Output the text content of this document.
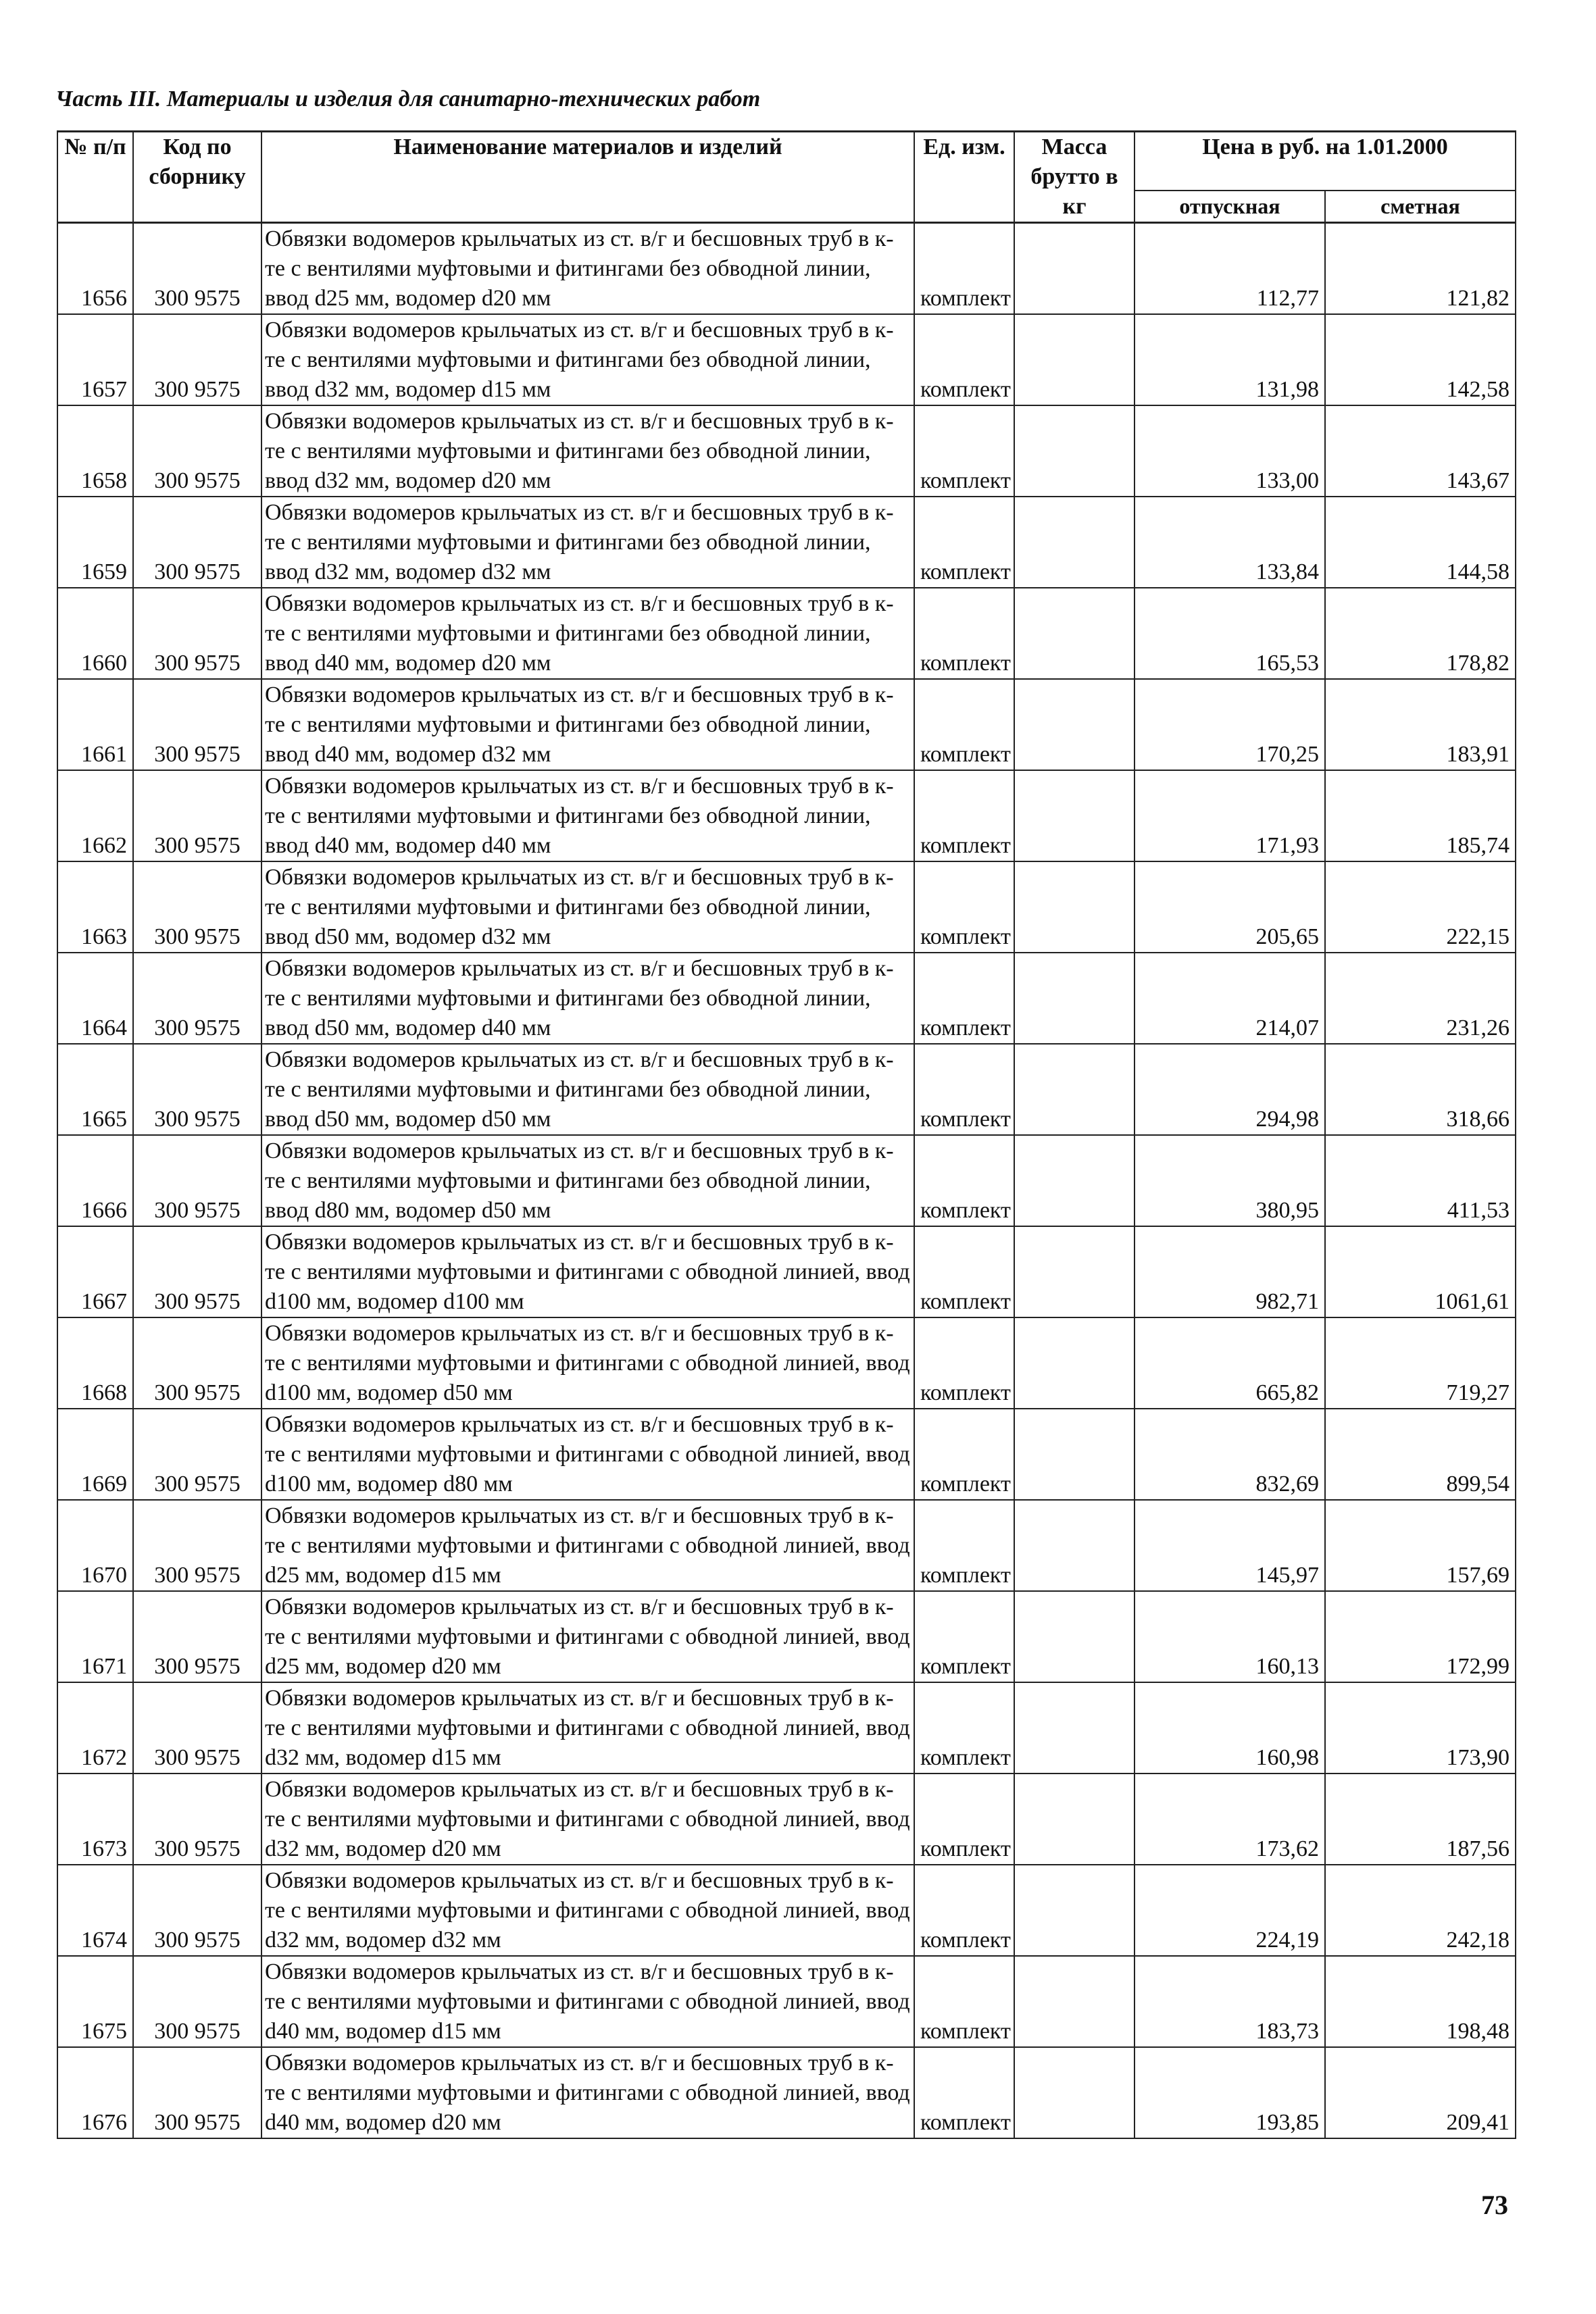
Часть III. Материалы и изделия для санитарно-технических работ
№ п/п	Код по сборнику	Наименование материалов и изделий	Ед. изм.	Масса брутто в кг	Цена в руб. на 1.01.2000	
					отпускная	сметная
1656	300 9575	Обвязки водомеров крыльчатых из ст. в/г и бесшовных труб в к-те с вентилями муфтовыми и фитингами без обводной линии, ввод d25 мм, водомер d20 мм	комплект		112,77	121,82
1657	300 9575	Обвязки водомеров крыльчатых из ст. в/г и бесшовных труб в к-те с вентилями муфтовыми и фитингами без обводной линии, ввод d32 мм, водомер d15 мм	комплект		131,98	142,58
1658	300 9575	Обвязки водомеров крыльчатых из ст. в/г и бесшовных труб в к-те с вентилями муфтовыми и фитингами без обводной линии, ввод d32 мм, водомер d20 мм	комплект		133,00	143,67
1659	300 9575	Обвязки водомеров крыльчатых из ст. в/г и бесшовных труб в к-те с вентилями муфтовыми и фитингами без обводной линии, ввод d32 мм, водомер d32 мм	комплект		133,84	144,58
1660	300 9575	Обвязки водомеров крыльчатых из ст. в/г и бесшовных труб в к-те с вентилями муфтовыми и фитингами без обводной линии, ввод d40 мм, водомер d20 мм	комплект		165,53	178,82
1661	300 9575	Обвязки водомеров крыльчатых из ст. в/г и бесшовных труб в к-те с вентилями муфтовыми и фитингами без обводной линии, ввод d40 мм, водомер d32 мм	комплект		170,25	183,91
1662	300 9575	Обвязки водомеров крыльчатых из ст. в/г и бесшовных труб в к-те с вентилями муфтовыми и фитингами без обводной линии, ввод d40 мм, водомер d40 мм	комплект		171,93	185,74
1663	300 9575	Обвязки водомеров крыльчатых из ст. в/г и бесшовных труб в к-те с вентилями муфтовыми и фитингами без обводной линии, ввод d50 мм, водомер d32 мм	комплект		205,65	222,15
1664	300 9575	Обвязки водомеров крыльчатых из ст. в/г и бесшовных труб в к-те с вентилями муфтовыми и фитингами без обводной линии, ввод d50 мм, водомер d40 мм	комплект		214,07	231,26
1665	300 9575	Обвязки водомеров крыльчатых из ст. в/г и бесшовных труб в к-те с вентилями муфтовыми и фитингами без обводной линии, ввод d50 мм, водомер d50 мм	комплект		294,98	318,66
1666	300 9575	Обвязки водомеров крыльчатых из ст. в/г и бесшовных труб в к-те с вентилями муфтовыми и фитингами без обводной линии, ввод d80 мм, водомер d50 мм	комплект		380,95	411,53
1667	300 9575	Обвязки водомеров крыльчатых из ст. в/г и бесшовных труб в к-те с вентилями муфтовыми и фитингами с обводной линией, ввод d100 мм, водомер d100 мм	комплект		982,71	1061,61
1668	300 9575	Обвязки водомеров крыльчатых из ст. в/г и бесшовных труб в к-те с вентилями муфтовыми и фитингами с обводной линией, ввод d100 мм, водомер d50 мм	комплект		665,82	719,27
1669	300 9575	Обвязки водомеров крыльчатых из ст. в/г и бесшовных труб в к-те с вентилями муфтовыми и фитингами с обводной линией, ввод d100 мм, водомер d80 мм	комплект		832,69	899,54
1670	300 9575	Обвязки водомеров крыльчатых из ст. в/г и бесшовных труб в к-те с вентилями муфтовыми и фитингами с обводной линией, ввод d25 мм, водомер d15 мм	комплект		145,97	157,69
1671	300 9575	Обвязки водомеров крыльчатых из ст. в/г и бесшовных труб в к-те с вентилями муфтовыми и фитингами с обводной линией, ввод d25 мм, водомер d20 мм	комплект		160,13	172,99
1672	300 9575	Обвязки водомеров крыльчатых из ст. в/г и бесшовных труб в к-те с вентилями муфтовыми и фитингами с обводной линией, ввод d32 мм, водомер d15 мм	комплект		160,98	173,90
1673	300 9575	Обвязки водомеров крыльчатых из ст. в/г и бесшовных труб в к-те с вентилями муфтовыми и фитингами с обводной линией, ввод d32 мм, водомер d20 мм	комплект		173,62	187,56
1674	300 9575	Обвязки водомеров крыльчатых из ст. в/г и бесшовных труб в к-те с вентилями муфтовыми и фитингами с обводной линией, ввод d32 мм, водомер d32 мм	комплект		224,19	242,18
1675	300 9575	Обвязки водомеров крыльчатых из ст. в/г и бесшовных труб в к-те с вентилями муфтовыми и фитингами с обводной линией, ввод d40 мм, водомер d15 мм	комплект		183,73	198,48
1676	300 9575	Обвязки водомеров крыльчатых из ст. в/г и бесшовных труб в к-те с вентилями муфтовыми и фитингами с обводной линией, ввод d40 мм, водомер d20 мм	комплект		193,85	209,41
73
